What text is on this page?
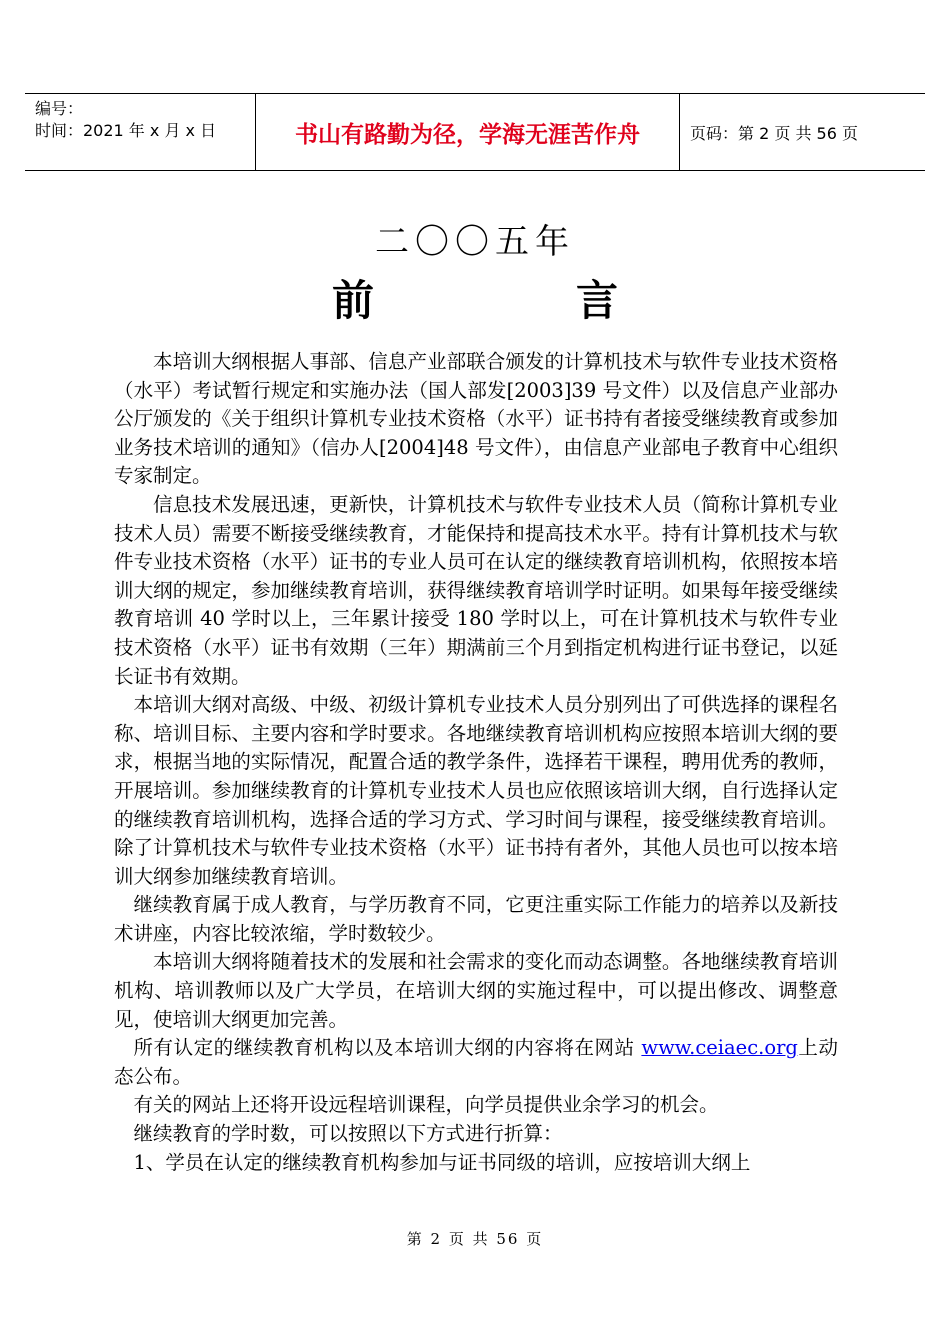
编号：
时间：2021 年 x 月 x 日	书山有路勤为径，学海无涯苦作舟	页码：第 2 页 共 56 页
二〇〇五年
前　言

本培训大纲根据人事部、信息产业部联合颁发的计算机技术与软件专业技术资格（水平）考试暂行规定和实施办法（国人部发[2003]39 号文件）以及信息产业部办公厅颁发的《关于组织计算机专业技术资格（水平）证书持有者接受继续教育或参加业务技术培训的通知》（信办人[2004]48 号文件），由信息产业部电子教育中心组织专家制定。

信息技术发展迅速，更新快，计算机技术与软件专业技术人员（简称计算机专业技术人员）需要不断接受继续教育，才能保持和提高技术水平。持有计算机技术与软件专业技术资格（水平）证书的专业人员可在认定的继续教育培训机构，依照按本培训大纲的规定，参加继续教育培训，获得继续教育培训学时证明。如果每年接受继续教育培训 40 学时以上，三年累计接受 180 学时以上，可在计算机技术与软件专业技术资格（水平）证书有效期（三年）期满前三个月到指定机构进行证书登记，以延长证书有效期。

本培训大纲对高级、中级、初级计算机专业技术人员分别列出了可供选择的课程名称、培训目标、主要内容和学时要求。各地继续教育培训机构应按照本培训大纲的要求，根据当地的实际情况，配置合适的教学条件，选择若干课程，聘用优秀的教师，开展培训。参加继续教育的计算机专业技术人员也应依照该培训大纲，自行选择认定的继续教育培训机构，选择合适的学习方式、学习时间与课程，接受继续教育培训。除了计算机技术与软件专业技术资格（水平）证书持有者外，其他人员也可以按本培训大纲参加继续教育培训。

继续教育属于成人教育，与学历教育不同，它更注重实际工作能力的培养以及新技术讲座，内容比较浓缩，学时数较少。

本培训大纲将随着技术的发展和社会需求的变化而动态调整。各地继续教育培训机构、培训教师以及广大学员，在培训大纲的实施过程中，可以提出修改、调整意见，使培训大纲更加完善。

所有认定的继续教育机构以及本培训大纲的内容将在网站 www.ceiaec.org上动态公布。

有关的网站上还将开设远程培训课程，向学员提供业余学习的机会。

继续教育的学时数，可以按照以下方式进行折算：

1、学员在认定的继续教育机构参加与证书同级的培训，应按培训大纲上

第 2 页 共 56 页
